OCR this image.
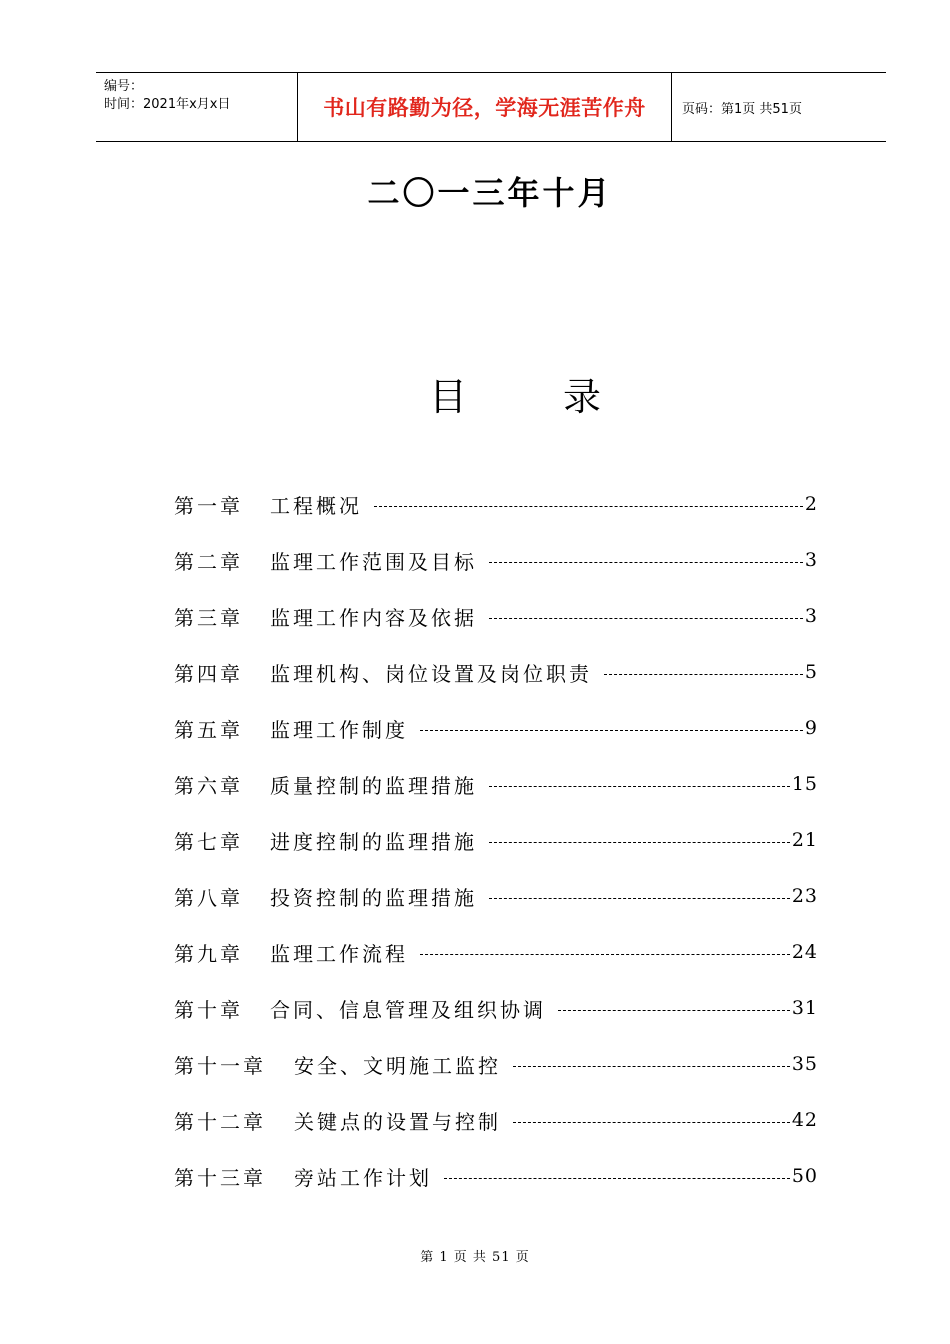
编号：
时间：2021年x月x日	书山有路勤为径，学海无涯苦作舟	页码：第1页 共51页
二〇一三年十月
目	录
第一章	工程概况	2
第二章	监理工作范围及目标	3
第三章	监理工作内容及依据	3
第四章	监理机构、岗位设置及岗位职责	5
第五章	监理工作制度	9
第六章	质量控制的监理措施	15
第七章	进度控制的监理措施	21
第八章	投资控制的监理措施	23
第九章	监理工作流程	24
第十章	合同、信息管理及组织协调	31
第十一章	安全、文明施工监控	35
第十二章	关键点的设置与控制	42
第十三章	旁站工作计划	50
第 1 页 共 51 页
